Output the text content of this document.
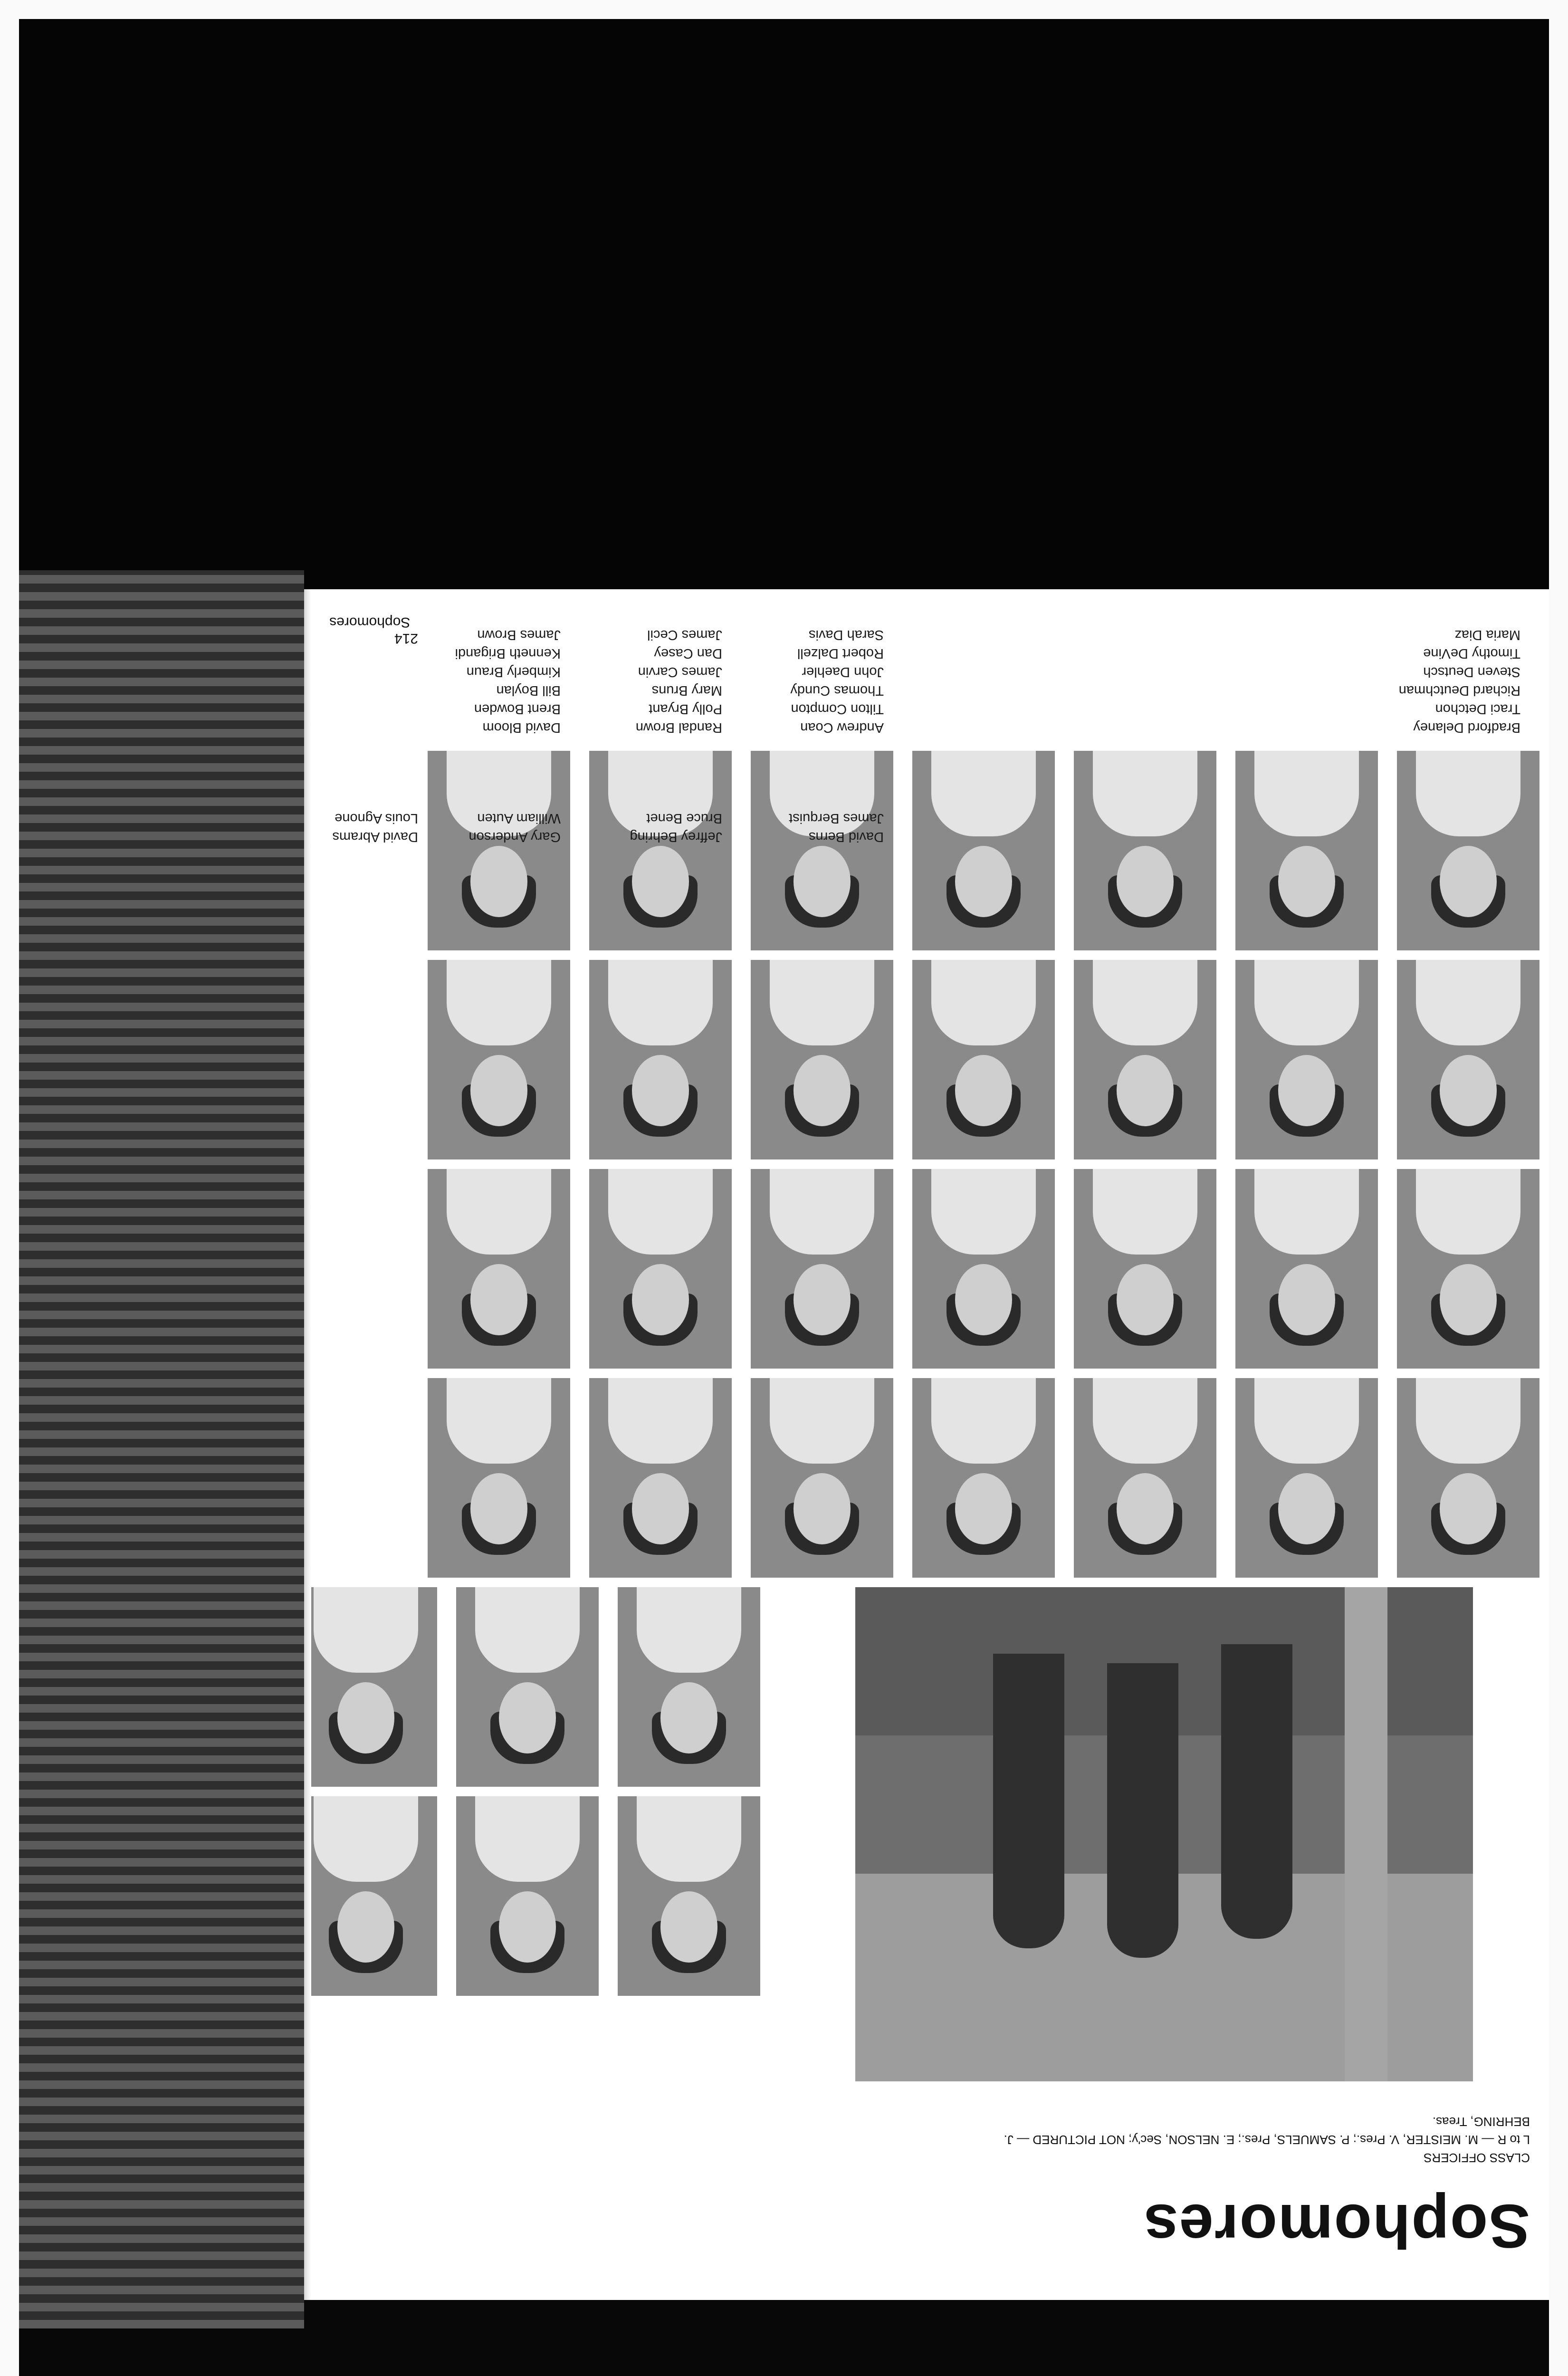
Sophomores
CLASS OFFICERS
L to R — M. MEISTER, V. Pres.; P. SAMUELS, Pres.; E. NELSON, Sec'y; NOT PICTURED — J. BEHRING, Treas.
Bradford Delaney
Traci Detchon
Richard Deutchman
Steven Deutsch
Timothy DeVine
Maria Diaz
Andrew Coan
Tilton Compton
Thomas Cundy
John Daehler
Robert Dalzell
Sarah Davis
Randal Brown
Polly Bryant
Mary Bruns
James Carvin
Dan Casey
James Cecil
David Bloom
Brent Bowden
Bill Boylan
Kimberly Braun
Kenneth Brigandi
James Brown
David Berns
James Berquist
Jeffrey Behring
Bruce Benet
Gary Anderson
William Auten
David Abrams
Louis Agnone
214   Sophomores
